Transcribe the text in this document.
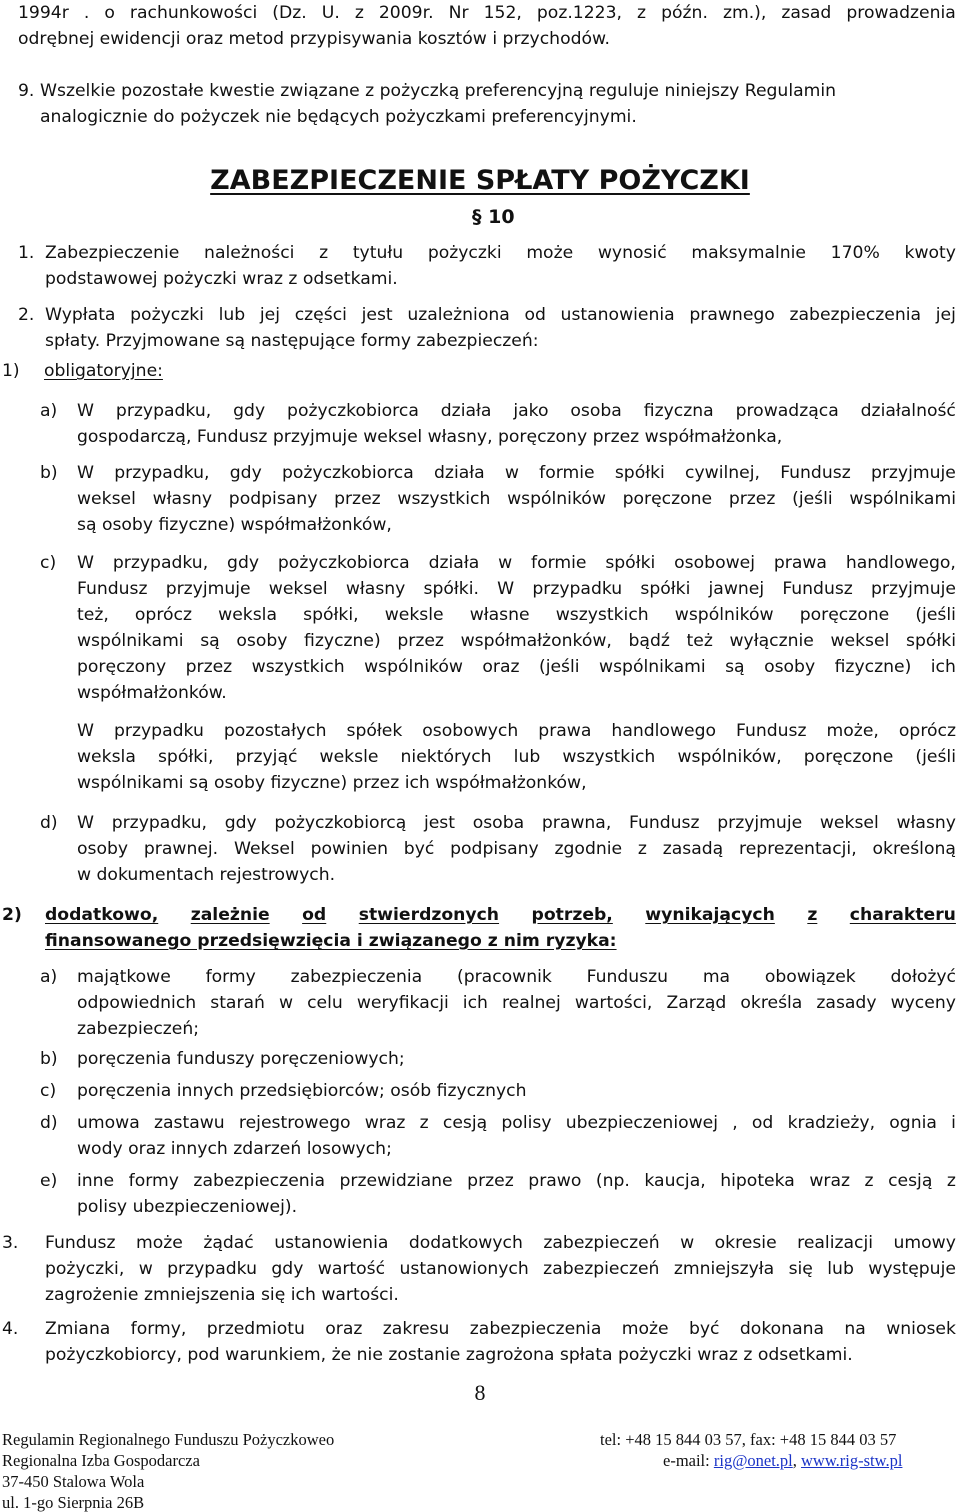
1994r . o rachunkowości (Dz. U. z 2009r. Nr 152, poz.1223, z późn. zm.), zasad prowadzenia
odrębnej ewidencji oraz metod przypisywania kosztów i przychodów.
9. Wszelkie pozostałe kwestie związane z pożyczką preferencyjną reguluje niniejszy Regulamin
analogicznie do pożyczek nie będących pożyczkami preferencyjnymi.
ZABEZPIECZENIE SPŁATY POŻYCZKI
§ 10
1. Zabezpieczenie należności z tytułu pożyczki może wynosić maksymalnie 170% kwoty
podstawowej pożyczki wraz z odsetkami.
2. Wypłata pożyczki lub jej części jest uzależniona od ustanowienia prawnego zabezpieczenia jej
spłaty. Przyjmowane są następujące formy zabezpieczeń:
1) obligatoryjne:
a) W przypadku, gdy pożyczkobiorca działa jako osoba fizyczna prowadząca działalność
gospodarczą, Fundusz przyjmuje weksel własny, poręczony przez współmałżonka,
b) W przypadku, gdy pożyczkobiorca działa w formie spółki cywilnej, Fundusz przyjmuje
weksel własny podpisany przez wszystkich wspólników poręczone przez (jeśli wspólnikami
są osoby fizyczne) współmałżonków,
c) W przypadku, gdy pożyczkobiorca działa w formie spółki osobowej prawa handlowego,
Fundusz przyjmuje weksel własny spółki. W przypadku spółki jawnej Fundusz przyjmuje
też, oprócz weksla spółki, weksle własne wszystkich wspólników poręczone (jeśli
wspólnikami są osoby fizyczne) przez współmałżonków, bądź też wyłącznie weksel spółki
poręczony przez wszystkich wspólników oraz (jeśli wspólnikami są osoby fizyczne) ich
współmałżonków.
W przypadku pozostałych spółek osobowych prawa handlowego Fundusz może, oprócz
weksla spółki, przyjąć weksle niektórych lub wszystkich wspólników, poręczone (jeśli
wspólnikami są osoby fizyczne) przez ich współmałżonków,
d) W przypadku, gdy pożyczkobiorcą jest osoba prawna, Fundusz przyjmuje weksel własny
osoby prawnej. Weksel powinien być podpisany zgodnie z zasadą reprezentacji, określoną
w dokumentach rejestrowych.
2) dodatkowo, zależnie od stwierdzonych potrzeb, wynikających z charakteru
finansowanego przedsięwzięcia i związanego z nim ryzyka:
a) majątkowe formy zabezpieczenia (pracownik Funduszu ma obowiązek dołożyć
odpowiednich starań w celu weryfikacji ich realnej wartości, Zarząd określa zasady wyceny
zabezpieczeń;
b) poręczenia funduszy poręczeniowych;
c) poręczenia innych przedsiębiorców; osób fizycznych
d) umowa zastawu rejestrowego wraz z cesją polisy ubezpieczeniowej , od kradzieży, ognia i
wody oraz innych zdarzeń losowych;
e) inne formy zabezpieczenia przewidziane przez prawo (np. kaucja, hipoteka wraz z cesją z
polisy ubezpieczeniowej).
3. Fundusz może żądać ustanowienia dodatkowych zabezpieczeń w okresie realizacji umowy
pożyczki, w przypadku gdy wartość ustanowionych zabezpieczeń zmniejszyła się lub występuje
zagrożenie zmniejszenia się ich wartości.
4. Zmiana formy, przedmiotu oraz zakresu zabezpieczenia może być dokonana na wniosek
pożyczkobiorcy, pod warunkiem, że nie zostanie zagrożona spłata pożyczki wraz z odsetkami.
8
Regulamin Regionalnego Funduszu Pożyczkoweo
Regionalna Izba Gospodarcza
37-450 Stalowa Wola
ul. 1-go Sierpnia 26B
tel: +48 15 844 03 57, fax: +48 15 844 03 57
e-mail: rig@onet.pl, www.rig-stw.pl
